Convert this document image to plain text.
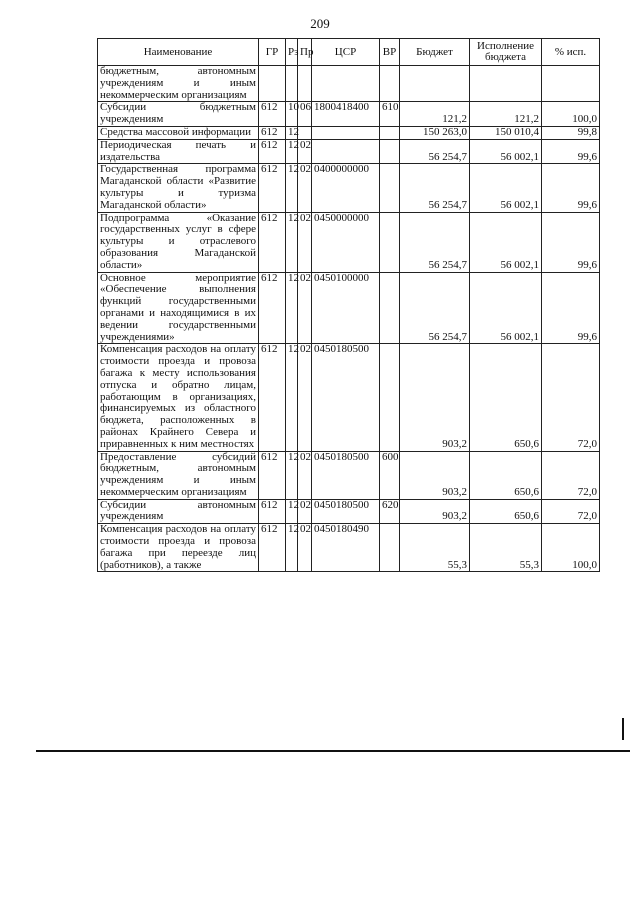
209
Наименование	ГР	Рз	Пр	ЦСР	ВР	Бюджет	Исполнение бюджета	% исп.
бюджетным, автономным учреждениям и иным некоммерческим организациям								
Субсидии бюджетным учреждениям	612	10	06	1800418400	610	121,2	121,2	100,0
Средства массовой информации	612	12				150 263,0	150 010,4	99,8
Периодическая печать и издательства	612	12	02			56 254,7	56 002,1	99,6
Государственная программа Магаданской области «Развитие культуры и туризма Магаданской области»	612	12	02	0400000000		56 254,7	56 002,1	99,6
Подпрограмма «Оказание государственных услуг в сфере культуры и отраслевого образования Магаданской области»	612	12	02	0450000000		56 254,7	56 002,1	99,6
Основное мероприятие «Обеспечение выполнения функций государственными органами и находящимися в их ведении государственными учреждениями»	612	12	02	0450100000		56 254,7	56 002,1	99,6
Компенсация расходов на оплату стоимости проезда и провоза багажа к месту использования отпуска и обратно лицам, работающим в организациях, финансируемых из областного бюджета, расположенных в районах Крайнего Севера и приравненных к ним местностях	612	12	02	0450180500		903,2	650,6	72,0
Предоставление субсидий бюджетным, автономным учреждениям и иным некоммерческим организациям	612	12	02	0450180500	600	903,2	650,6	72,0
Субсидии автономным учреждениям	612	12	02	0450180500	620	903,2	650,6	72,0
Компенсация расходов на оплату стоимости проезда и провоза багажа при переезде лиц (работников), а также	612	12	02	0450180490		55,3	55,3	100,0
